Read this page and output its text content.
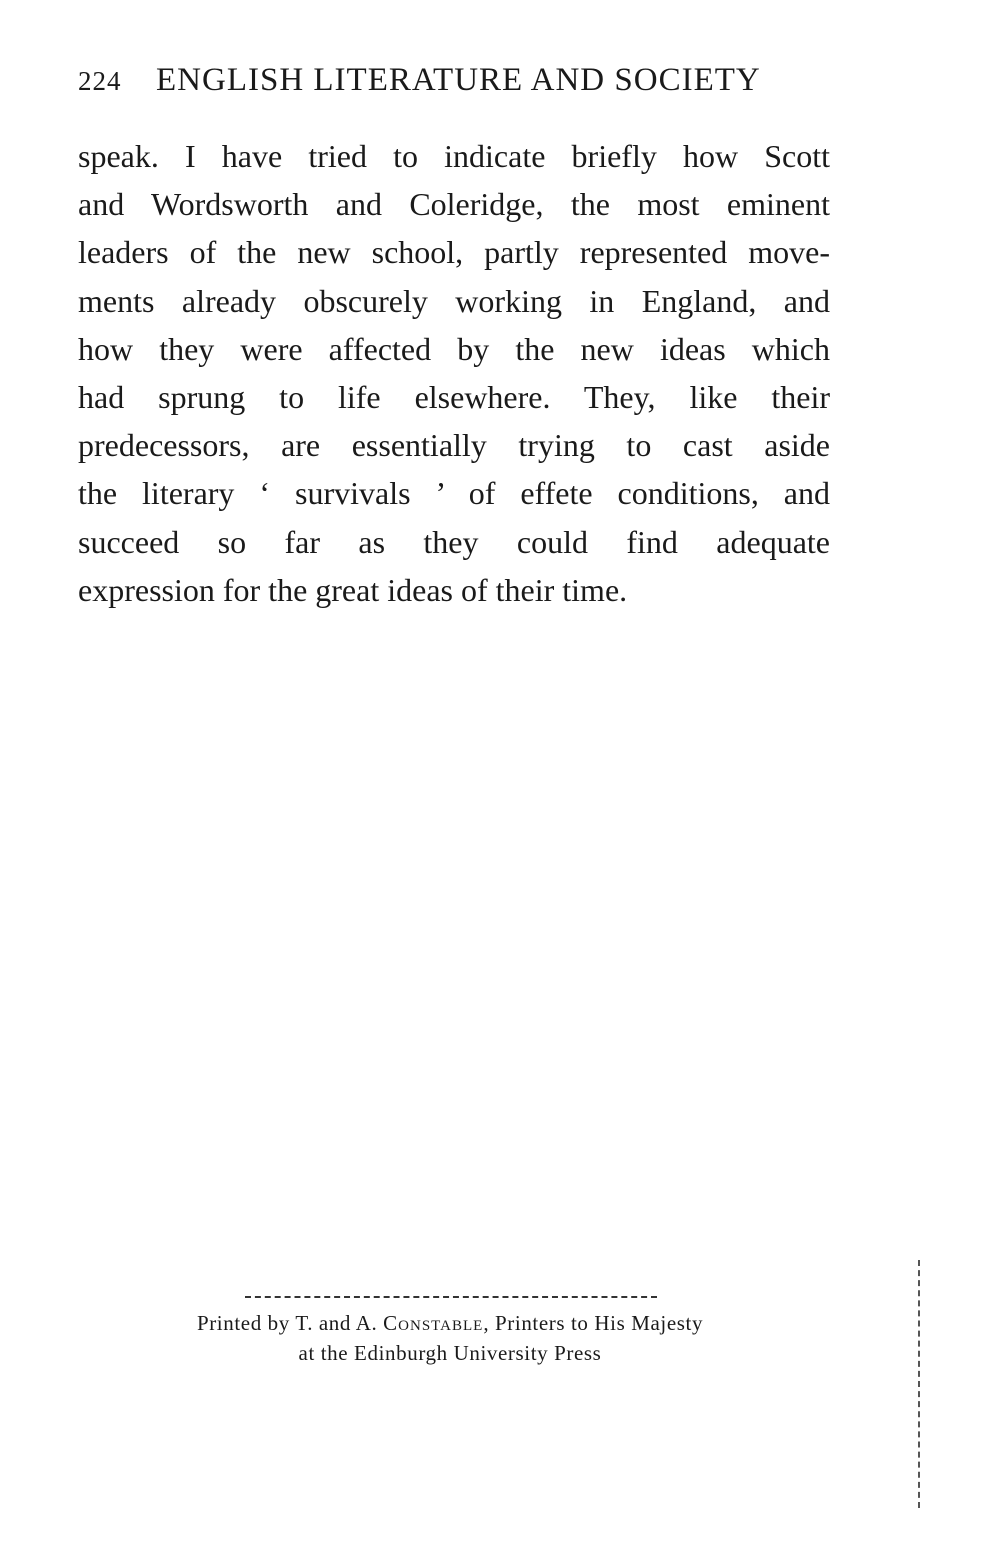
224 ENGLISH LITERATURE AND SOCIETY
speak. I have tried to indicate briefly how Scott
and Wordsworth and Coleridge, the most eminent
leaders of the new school, partly represented move-
ments already obscurely working in England, and
how they were affected by the new ideas which
had sprung to life elsewhere. They, like their
predecessors, are essentially trying to cast aside
the literary ‘ survivals ’ of effete conditions, and
succeed so far as they could find adequate
expression for the great ideas of their time.
Printed by T. and A. Constable, Printers to His Majesty
at the Edinburgh University Press
